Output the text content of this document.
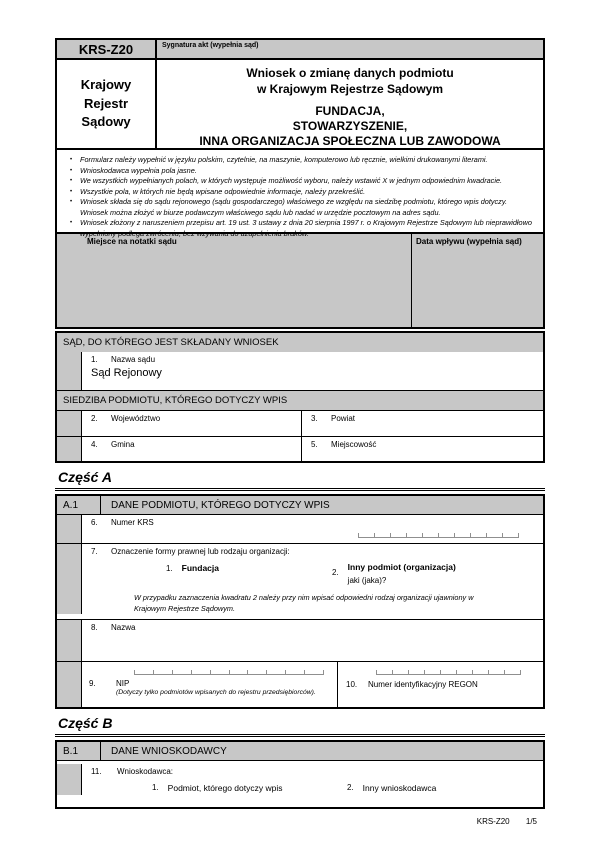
KRS-Z20	Sygnatura akt (wypełnia sąd)
Krajowy
Rejestr
Sądowy
Wniosek o zmianę danych podmiotu
w Krajowym Rejestrze Sądowym
FUNDACJA,
STOWARZYSZENIE,
INNA ORGANIZACJA SPOŁECZNA LUB ZAWODOWA
• Formularz należy wypełnić w języku polskim, czytelnie, na maszynie, komputerowo lub ręcznie, wielkimi drukowanymi literami.
• Wnioskodawca wypełnia pola jasne.
• We wszystkich wypełnianych polach, w których występuje możliwość wyboru, należy wstawić X w jednym odpowiednim kwadracie.
• Wszystkie pola, w których nie będą wpisane odpowiednie informacje, należy przekreślić.
• Wniosek składa się do sądu rejonowego (sądu gospodarczego) właściwego ze względu na siedzibę podmiotu, którego wpis dotyczy. Wniosek można złożyć w biurze podawczym właściwego sądu lub nadać w urzędzie pocztowym na adres sądu.
• Wniosek złożony z naruszeniem przepisu art. 19 ust. 3 ustawy z dnia 20 sierpnia 1997 r. o Krajowym Rejestrze Sądowym lub nieprawidłowo wypełniony podlega zwróceniu, bez wzywania do uzupełnienia braków.
Miejsce na notatki sądu	Data wpływu (wypełnia sąd)
SĄD, DO KTÓREGO JEST SKŁADANY WNIOSEK
1.	Nazwa sądu
Sąd Rejonowy
SIEDZIBA PODMIOTU, KTÓREGO DOTYCZY WPIS
2.	Województwo	3.	Powiat
4.	Gmina	5.	Miejscowość
Część A
A.1	DANE PODMIOTU, KTÓREGO DOTYCZY WPIS
6.	Numer KRS
7.	Oznaczenie formy prawnej lub rodzaju organizacji:
1. Fundacja	2.
Inny podmiot (organizacja)
jaki (jaka)?
W przypadku zaznaczenia kwadratu 2 należy przy nim wpisać odpowiedni rodzaj organizacji ujawniony w Krajowym Rejestrze Sądowym.
8.	Nazwa
9.	NIP
(Dotyczy tylko podmiotów wpisanych do rejestru przedsiębiorców).
10.	Numer identyfikacyjny REGON
Część B
B.1	DANE WNIOSKODAWCY
11.	Wnioskodawca:
1. Podmiot, którego dotyczy wpis	2. Inny wnioskodawca
KRS-Z20 1/5
